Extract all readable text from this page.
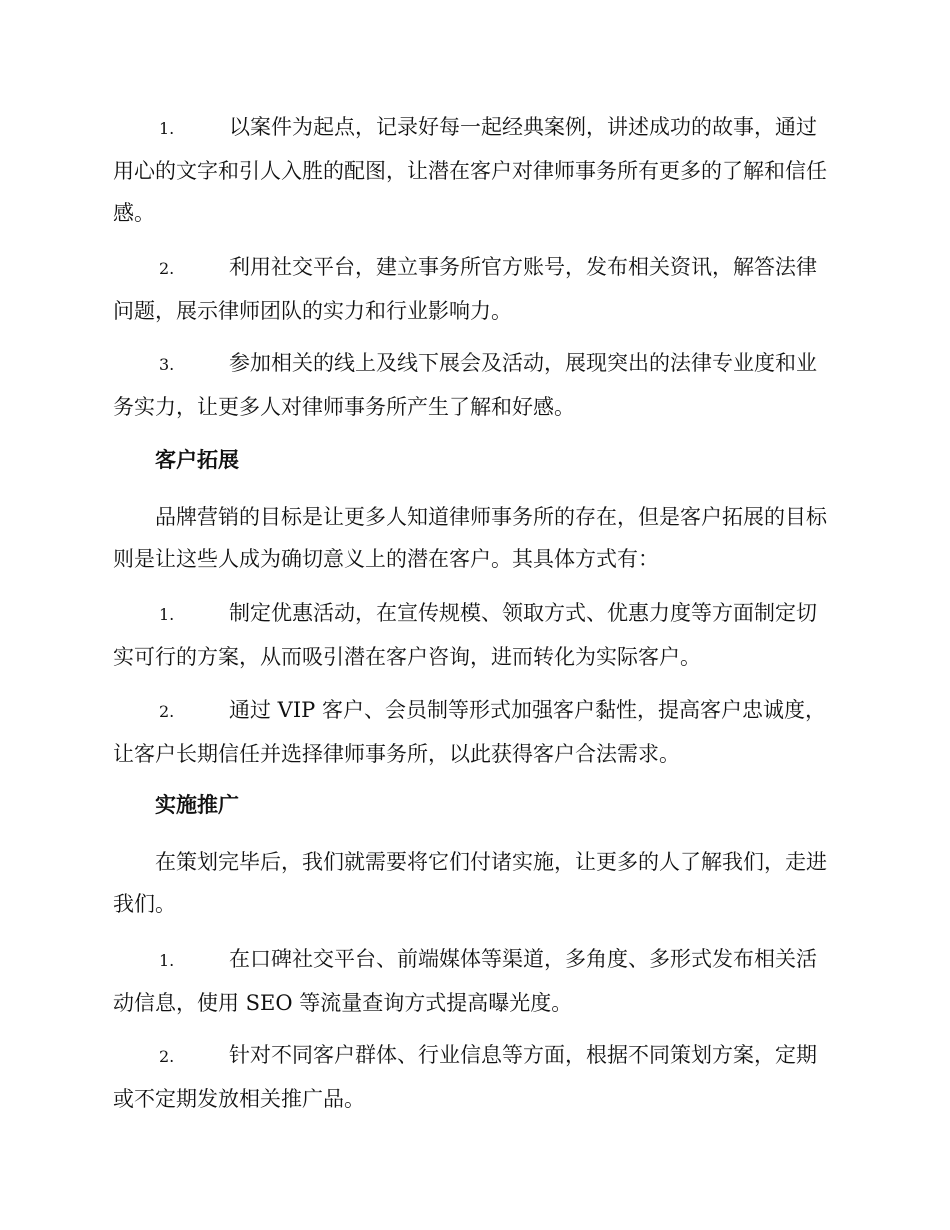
1.	以案件为起点，记录好每一起经典案例，讲述成功的故事，通过用心的文字和引人入胜的配图，让潜在客户对律师事务所有更多的了解和信任感。
2.	利用社交平台，建立事务所官方账号，发布相关资讯，解答法律问题，展示律师团队的实力和行业影响力。
3.	参加相关的线上及线下展会及活动，展现突出的法律专业度和业务实力，让更多人对律师事务所产生了解和好感。
客户拓展
品牌营销的目标是让更多人知道律师事务所的存在，但是客户拓展的目标则是让这些人成为确切意义上的潜在客户。其具体方式有：
1.	制定优惠活动，在宣传规模、领取方式、优惠力度等方面制定切实可行的方案，从而吸引潜在客户咨询，进而转化为实际客户。
2.	通过 VIP 客户、会员制等形式加强客户黏性，提高客户忠诚度，让客户长期信任并选择律师事务所，以此获得客户合法需求。
实施推广
在策划完毕后，我们就需要将它们付诸实施，让更多的人了解我们，走进我们。
1.	在口碑社交平台、前端媒体等渠道，多角度、多形式发布相关活动信息，使用 SEO 等流量查询方式提高曝光度。
2.	针对不同客户群体、行业信息等方面，根据不同策划方案，定期或不定期发放相关推广品。
